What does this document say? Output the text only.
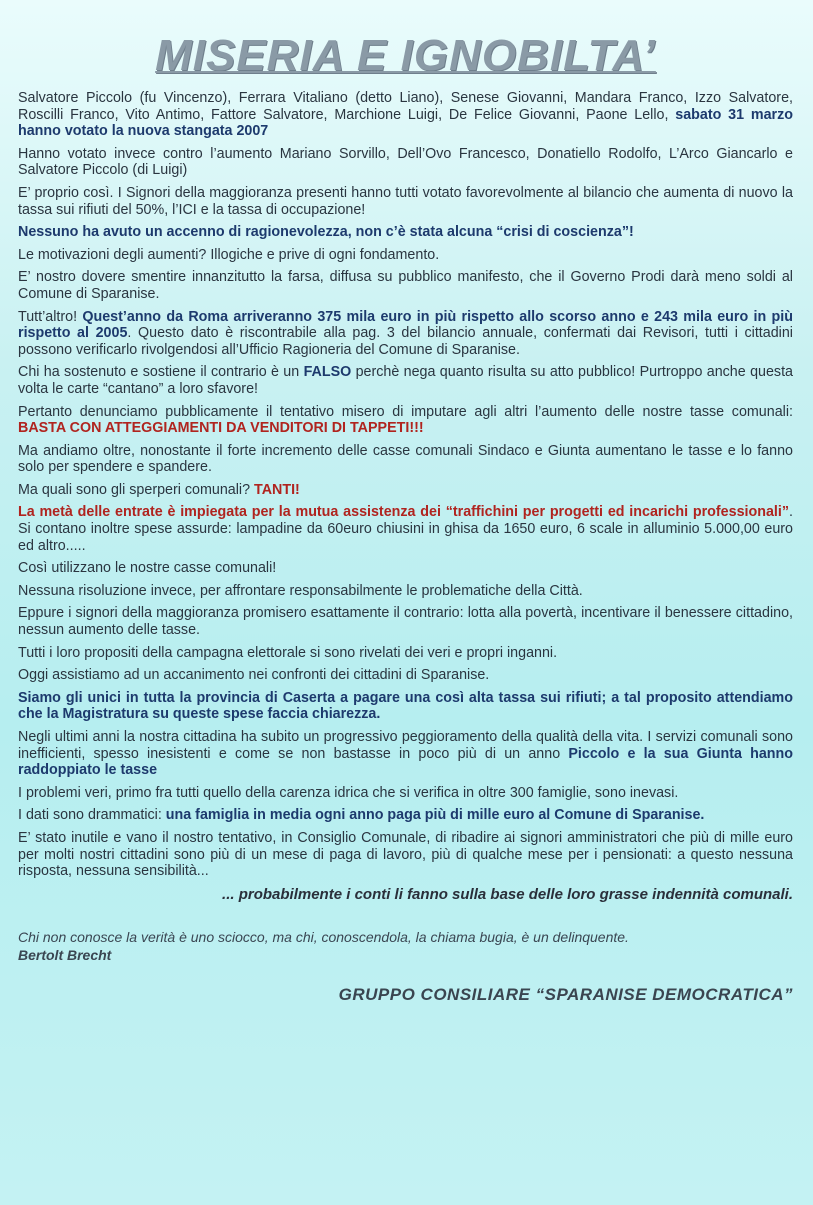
MISERIA E IGNOBILTA’

Salvatore Piccolo (fu Vincenzo), Ferrara Vitaliano (detto Liano), Senese Giovanni, Mandara Franco, Izzo Salvatore, Roscilli Franco, Vito Antimo, Fattore Salvatore, Marchione Luigi, De Felice Giovanni, Paone Lello, sabato 31 marzo hanno votato la nuova stangata 2007

Hanno votato invece contro l’aumento Mariano Sorvillo, Dell’Ovo Francesco, Donatiello Rodolfo, L’Arco Giancarlo e Salvatore Piccolo (di Luigi)

E’ proprio così. I Signori della maggioranza presenti hanno tutti votato favorevolmente al bilancio che aumenta di nuovo la tassa sui rifiuti del 50%, l’ICI e la tassa di occupazione!

Nessuno ha avuto un accenno di ragionevolezza, non c’è stata alcuna “crisi di coscienza”!

Le motivazioni degli aumenti? Illogiche e prive di ogni fondamento.

E’ nostro dovere smentire innanzitutto la farsa, diffusa su pubblico manifesto, che il Governo Prodi darà meno soldi al Comune di Sparanise.

Tutt’altro! Quest’anno da Roma arriveranno 375 mila euro in più rispetto allo scorso anno e 243 mila euro in più rispetto al 2005. Questo dato è riscontrabile alla pag. 3 del bilancio annuale, confermati dai Revisori, tutti i cittadini possono verificarlo rivolgendosi all’Ufficio Ragioneria del Comune di Sparanise.

Chi ha sostenuto e sostiene il contrario è un FALSO perchè nega quanto risulta su atto pubblico! Purtroppo anche questa volta le carte “cantano” a loro sfavore!

Pertanto denunciamo pubblicamente il tentativo misero di imputare agli altri l’aumento delle nostre tasse comunali: BASTA CON ATTEGGIAMENTI DA VENDITORI DI TAPPETI!!!

Ma andiamo oltre, nonostante il forte incremento delle casse comunali Sindaco e Giunta aumentano le tasse e lo fanno solo per spendere e spandere.

Ma quali sono gli sperperi comunali? TANTI!

La metà delle entrate è impiegata per la mutua assistenza dei “traffichini per progetti ed incarichi professionali”. Si contano inoltre spese assurde: lampadine da 60euro chiusini in ghisa da 1650 euro, 6 scale in alluminio 5.000,00 euro ed altro.....

Così utilizzano le nostre casse comunali!

Nessuna risoluzione invece, per affrontare responsabilmente le problematiche della Città.

Eppure i signori della maggioranza promisero esattamente il contrario: lotta alla povertà, incentivare il benessere cittadino, nessun aumento delle tasse.

Tutti i loro propositi della campagna elettorale si sono rivelati dei veri e propri inganni.

Oggi assistiamo ad un accanimento nei confronti dei cittadini di Sparanise.

Siamo gli unici in tutta la provincia di Caserta a pagare una così alta tassa sui rifiuti; a tal proposito attendiamo che la Magistratura su queste spese faccia chiarezza.

Negli ultimi anni la nostra cittadina ha subito un progressivo peggioramento della qualità della vita. I servizi comunali sono inefficienti, spesso inesistenti e come se non bastasse in poco più di un anno Piccolo e la sua Giunta hanno raddoppiato le tasse

I problemi veri, primo fra tutti quello della carenza idrica che si verifica in oltre 300 famiglie, sono inevasi.

I dati sono drammatici: una famiglia in media ogni anno paga più di mille euro al Comune di Sparanise.

E’ stato inutile e vano il nostro tentativo, in Consiglio Comunale, di ribadire ai signori amministratori che più di mille euro per molti nostri cittadini sono più di un mese di paga di lavoro, più di qualche mese per i pensionati: a questo nessuna risposta, nessuna sensibilità...

... probabilmente i conti li fanno sulla base delle loro grasse indennità comunali.
Chi non conosce la verità è uno sciocco, ma chi, conoscendola, la chiama bugia, è un delinquente.
Bertolt Brecht
GRUPPO CONSILIARE “SPARANISE DEMOCRATICA”
